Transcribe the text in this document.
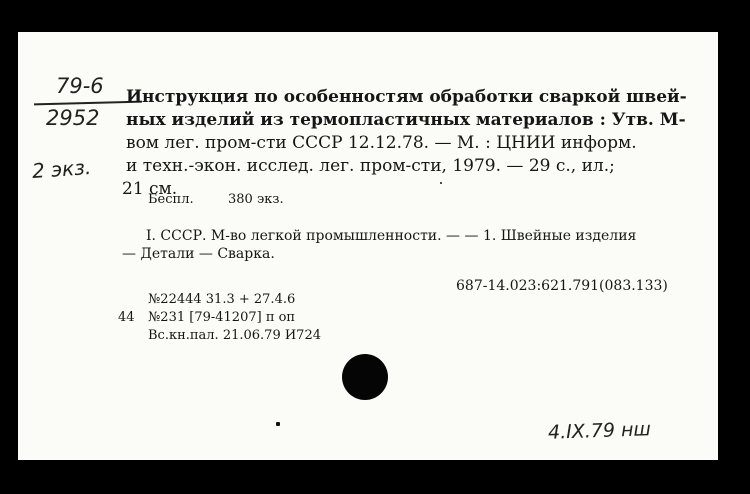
79-6
2952
2 экз.
Инструкция по особенностям обработки сваркой швей-
ных изделий из термопластичных материалов : Утв. М-
вом лег. пром-сти СССР 12.12.78. — М. : ЦНИИ информ.
и техн.-экон. исслед. лег. пром-сти, 1979. — 29 с., ил.;
21 см.
Беспл.	380 экз.
I. СССР. М-во легкой промышленности. — — 1. Швейные изделия
— Детали — Сварка.
687-14.023:621.791(083.133)
№22444 31.3 + 27.4.6
44 №231 [79-41207] п оп
Вс.кн.пал. 21.06.79 И724
4.IX.79 нш
